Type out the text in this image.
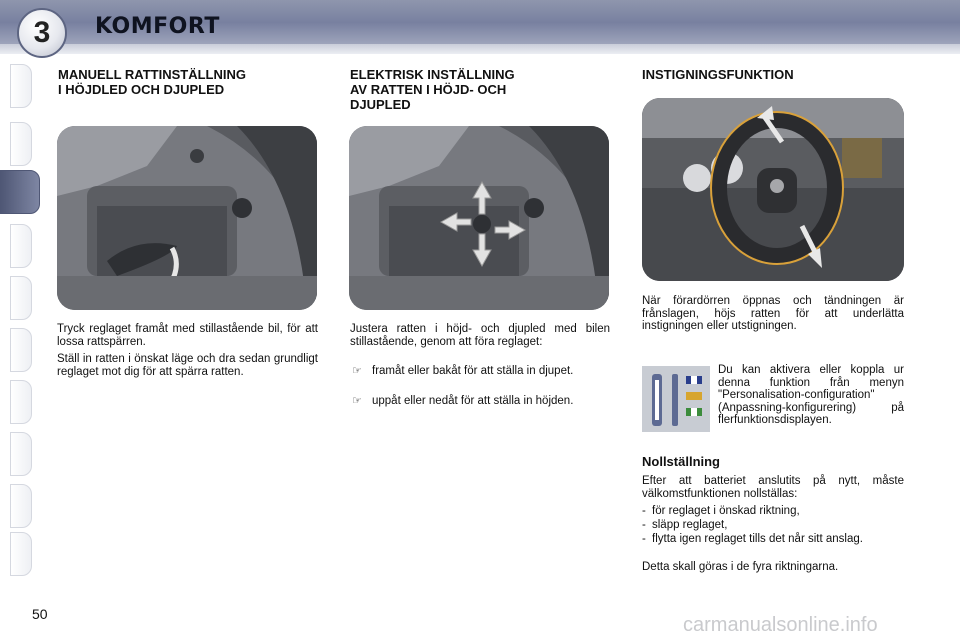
3	KOMFORT
MANUELL RATTINSTÄLLNING
I HÖJDLED OCH DJUPLED
Tryck reglaget framåt med stillastående bil, för att lossa rattspärren.
Ställ in ratten i önskat läge och dra sedan grundligt reglaget mot dig för att spärra ratten.
ELEKTRISK INSTÄLLNING
AV RATTEN I HÖJD- OCH
DJUPLED
Justera ratten i höjd- och djupled med bilen stillastående, genom att föra reglaget:
☞ framåt eller bakåt för att ställa in djupet.
☞ uppåt eller nedåt för att ställa in höjden.
INSTIGNINGSFUNKTION
När förardörren öppnas och tändningen är frånslagen, höjs ratten för att underlätta instigningen eller utstigningen.
Du kan aktivera eller koppla ur denna funktion från menyn "Personalisation-configuration" (Anpassning-konfigurering) på flerfunktionsdisplayen.
Nollställning
Efter att batteriet anslutits på nytt, måste välkomstfunktionen nollställas:
- för reglaget i önskad riktning,
- släpp reglaget,
- flytta igen reglaget tills det når sitt anslag.
Detta skall göras i de fyra riktningarna.
50	carmanualsonline.info
